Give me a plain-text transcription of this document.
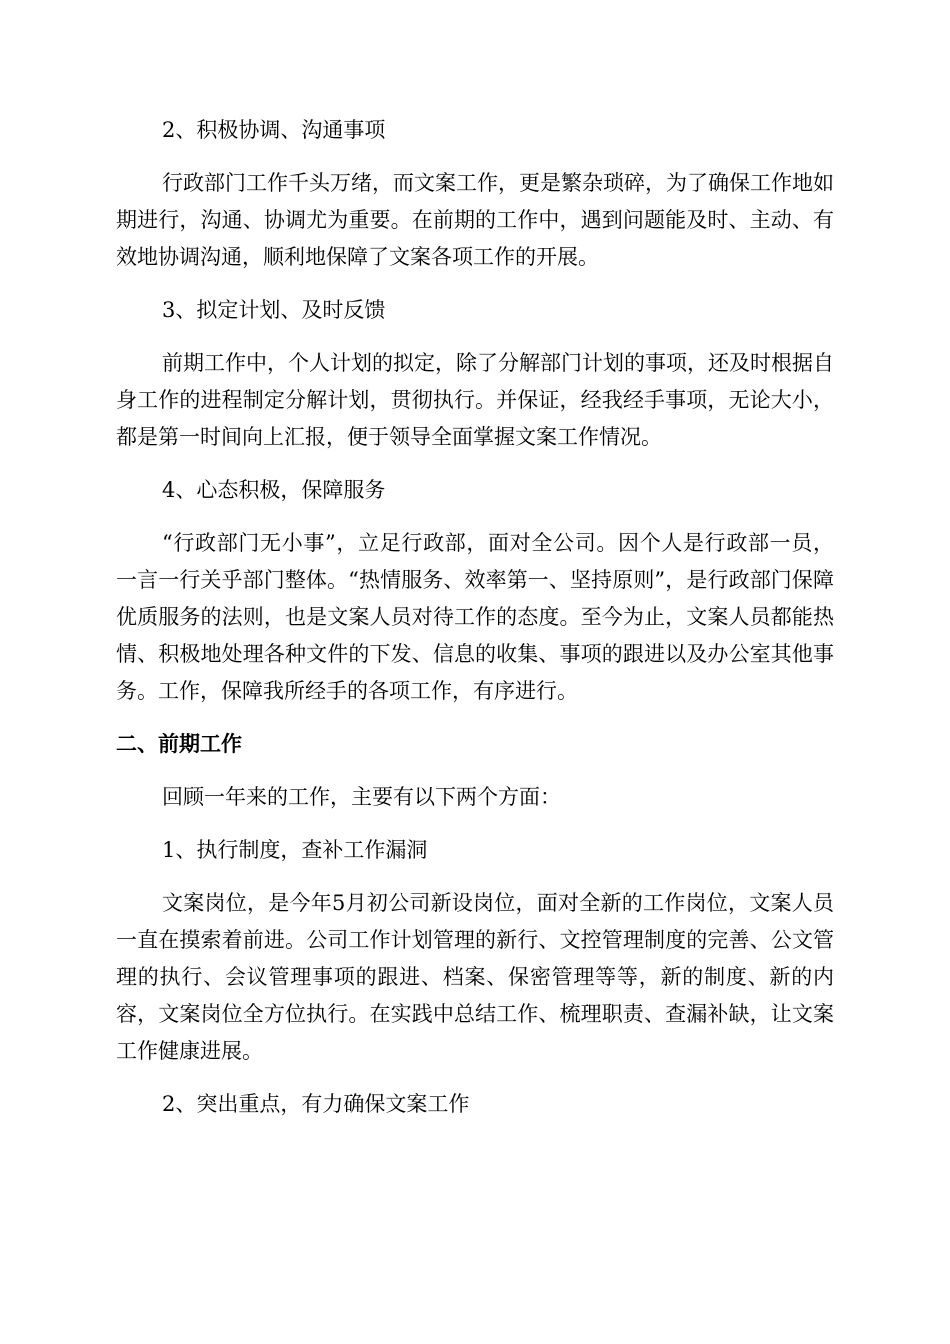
2、积极协调、沟通事项

行政部门工作千头万绪，而文案工作，更是繁杂琐碎，为了确保工作地如期进行，沟通、协调尤为重要。在前期的工作中，遇到问题能及时、主动、有效地协调沟通，顺利地保障了文案各项工作的开展。

3、拟定计划、及时反馈

前期工作中，个人计划的拟定，除了分解部门计划的事项，还及时根据自身工作的进程制定分解计划，贯彻执行。并保证，经我经手事项，无论大小，都是第一时间向上汇报，便于领导全面掌握文案工作情况。

4、心态积极，保障服务

“行政部门无小事”，立足行政部，面对全公司。因个人是行政部一员，一言一行关乎部门整体。“热情服务、效率第一、坚持原则”，是行政部门保障优质服务的法则，也是文案人员对待工作的态度。至今为止，文案人员都能热情、积极地处理各种文件的下发、信息的收集、事项的跟进以及办公室其他事务。工作，保障我所经手的各项工作，有序进行。

二、前期工作
回顾一年来的工作，主要有以下两个方面：
1、执行制度，查补工作漏洞

文案岗位，是今年5月初公司新设岗位，面对全新的工作岗位，文案人员一直在摸索着前进。公司工作计划管理的新行、文控管理制度的完善、公文管理的执行、会议管理事项的跟进、档案、保密管理等等，新的制度、新的内容，文案岗位全方位执行。在实践中总结工作、梳理职责、查漏补缺，让文案工作健康进展。

2、突出重点，有力确保文案工作
